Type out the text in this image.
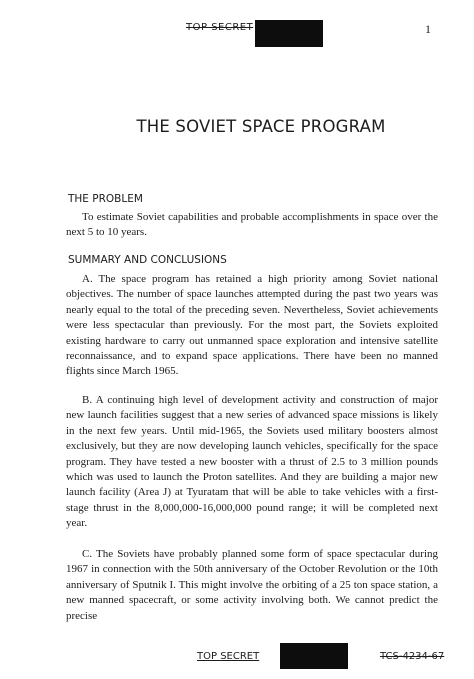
TOP SECRET	1
THE SOVIET SPACE PROGRAM
THE PROBLEM

To estimate Soviet capabilities and probable accomplishments in space over the next 5 to 10 years.

SUMMARY AND CONCLUSIONS

A. The space program has retained a high priority among Soviet national objectives. The number of space launches attempted during the past two years was nearly equal to the total of the preceding seven. Nevertheless, Soviet achievements were less spectacular than previously. For the most part, the Soviets exploited existing hardware to carry out unmanned space exploration and intensive satellite reconnaissance, and to expand space applications. There have been no manned flights since March 1965.

B. A continuing high level of development activity and construction of major new launch facilities suggest that a new series of advanced space missions is likely in the next few years. Until mid-1965, the Soviets used military boosters almost exclusively, but they are now developing launch vehicles, specifically for the space program. They have tested a new booster with a thrust of 2.5 to 3 million pounds which was used to launch the Proton satellites. And they are building a major new launch facility (Area J) at Tyuratam that will be able to take vehicles with a first-stage thrust in the 8,000,000-16,000,000 pound range; it will be completed next year.

C. The Soviets have probably planned some form of space spectacular during 1967 in connection with the 50th anniversary of the October Revolution or the 10th anniversary of Sputnik I. This might involve the orbiting of a 25 ton space station, a new manned spacecraft, or some activity involving both. We cannot predict the precise

TOP SECRET	TCS-4234-67
